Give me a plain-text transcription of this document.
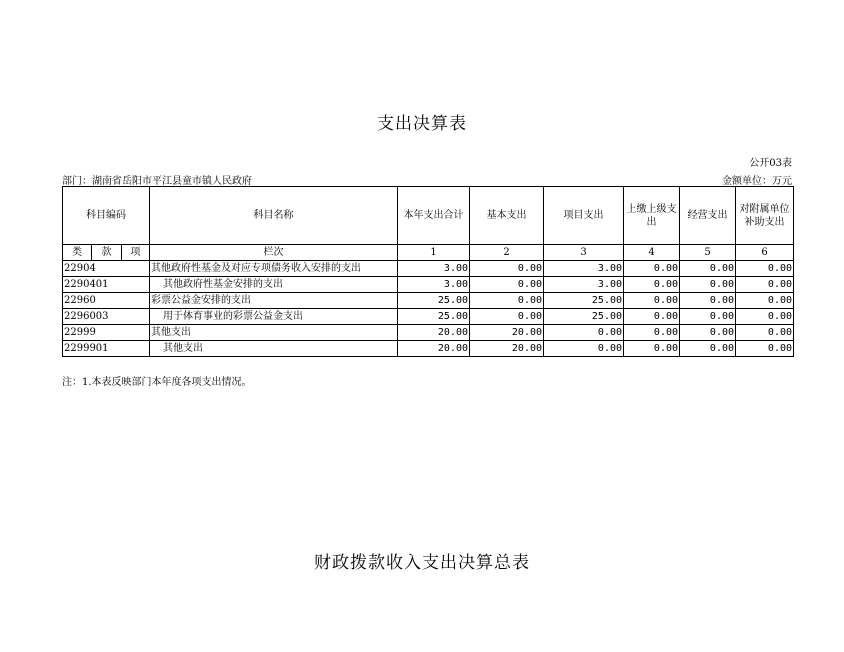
支出决算表
公开03表
部门：湖南省岳阳市平江县童市镇人民政府	金额单位：万元
科目编码			科目名称	本年支出合计	基本支出	项目支出	上缴上级支出	经营支出	对附属单位补助支出
类	款	项	栏次	1	2	3	4	5	6
22904			其他政府性基金及对应专项债务收入安排的支出	3.00	0.00	3.00	0.00	0.00	0.00
2290401			其他政府性基金安排的支出	3.00	0.00	3.00	0.00	0.00	0.00
22960			彩票公益金安排的支出	25.00	0.00	25.00	0.00	0.00	0.00
2296003			用于体育事业的彩票公益金支出	25.00	0.00	25.00	0.00	0.00	0.00
22999			其他支出	20.00	20.00	0.00	0.00	0.00	0.00
2299901			其他支出	20.00	20.00	0.00	0.00	0.00	0.00
注：1.本表反映部门本年度各项支出情况。
财政拨款收入支出决算总表
